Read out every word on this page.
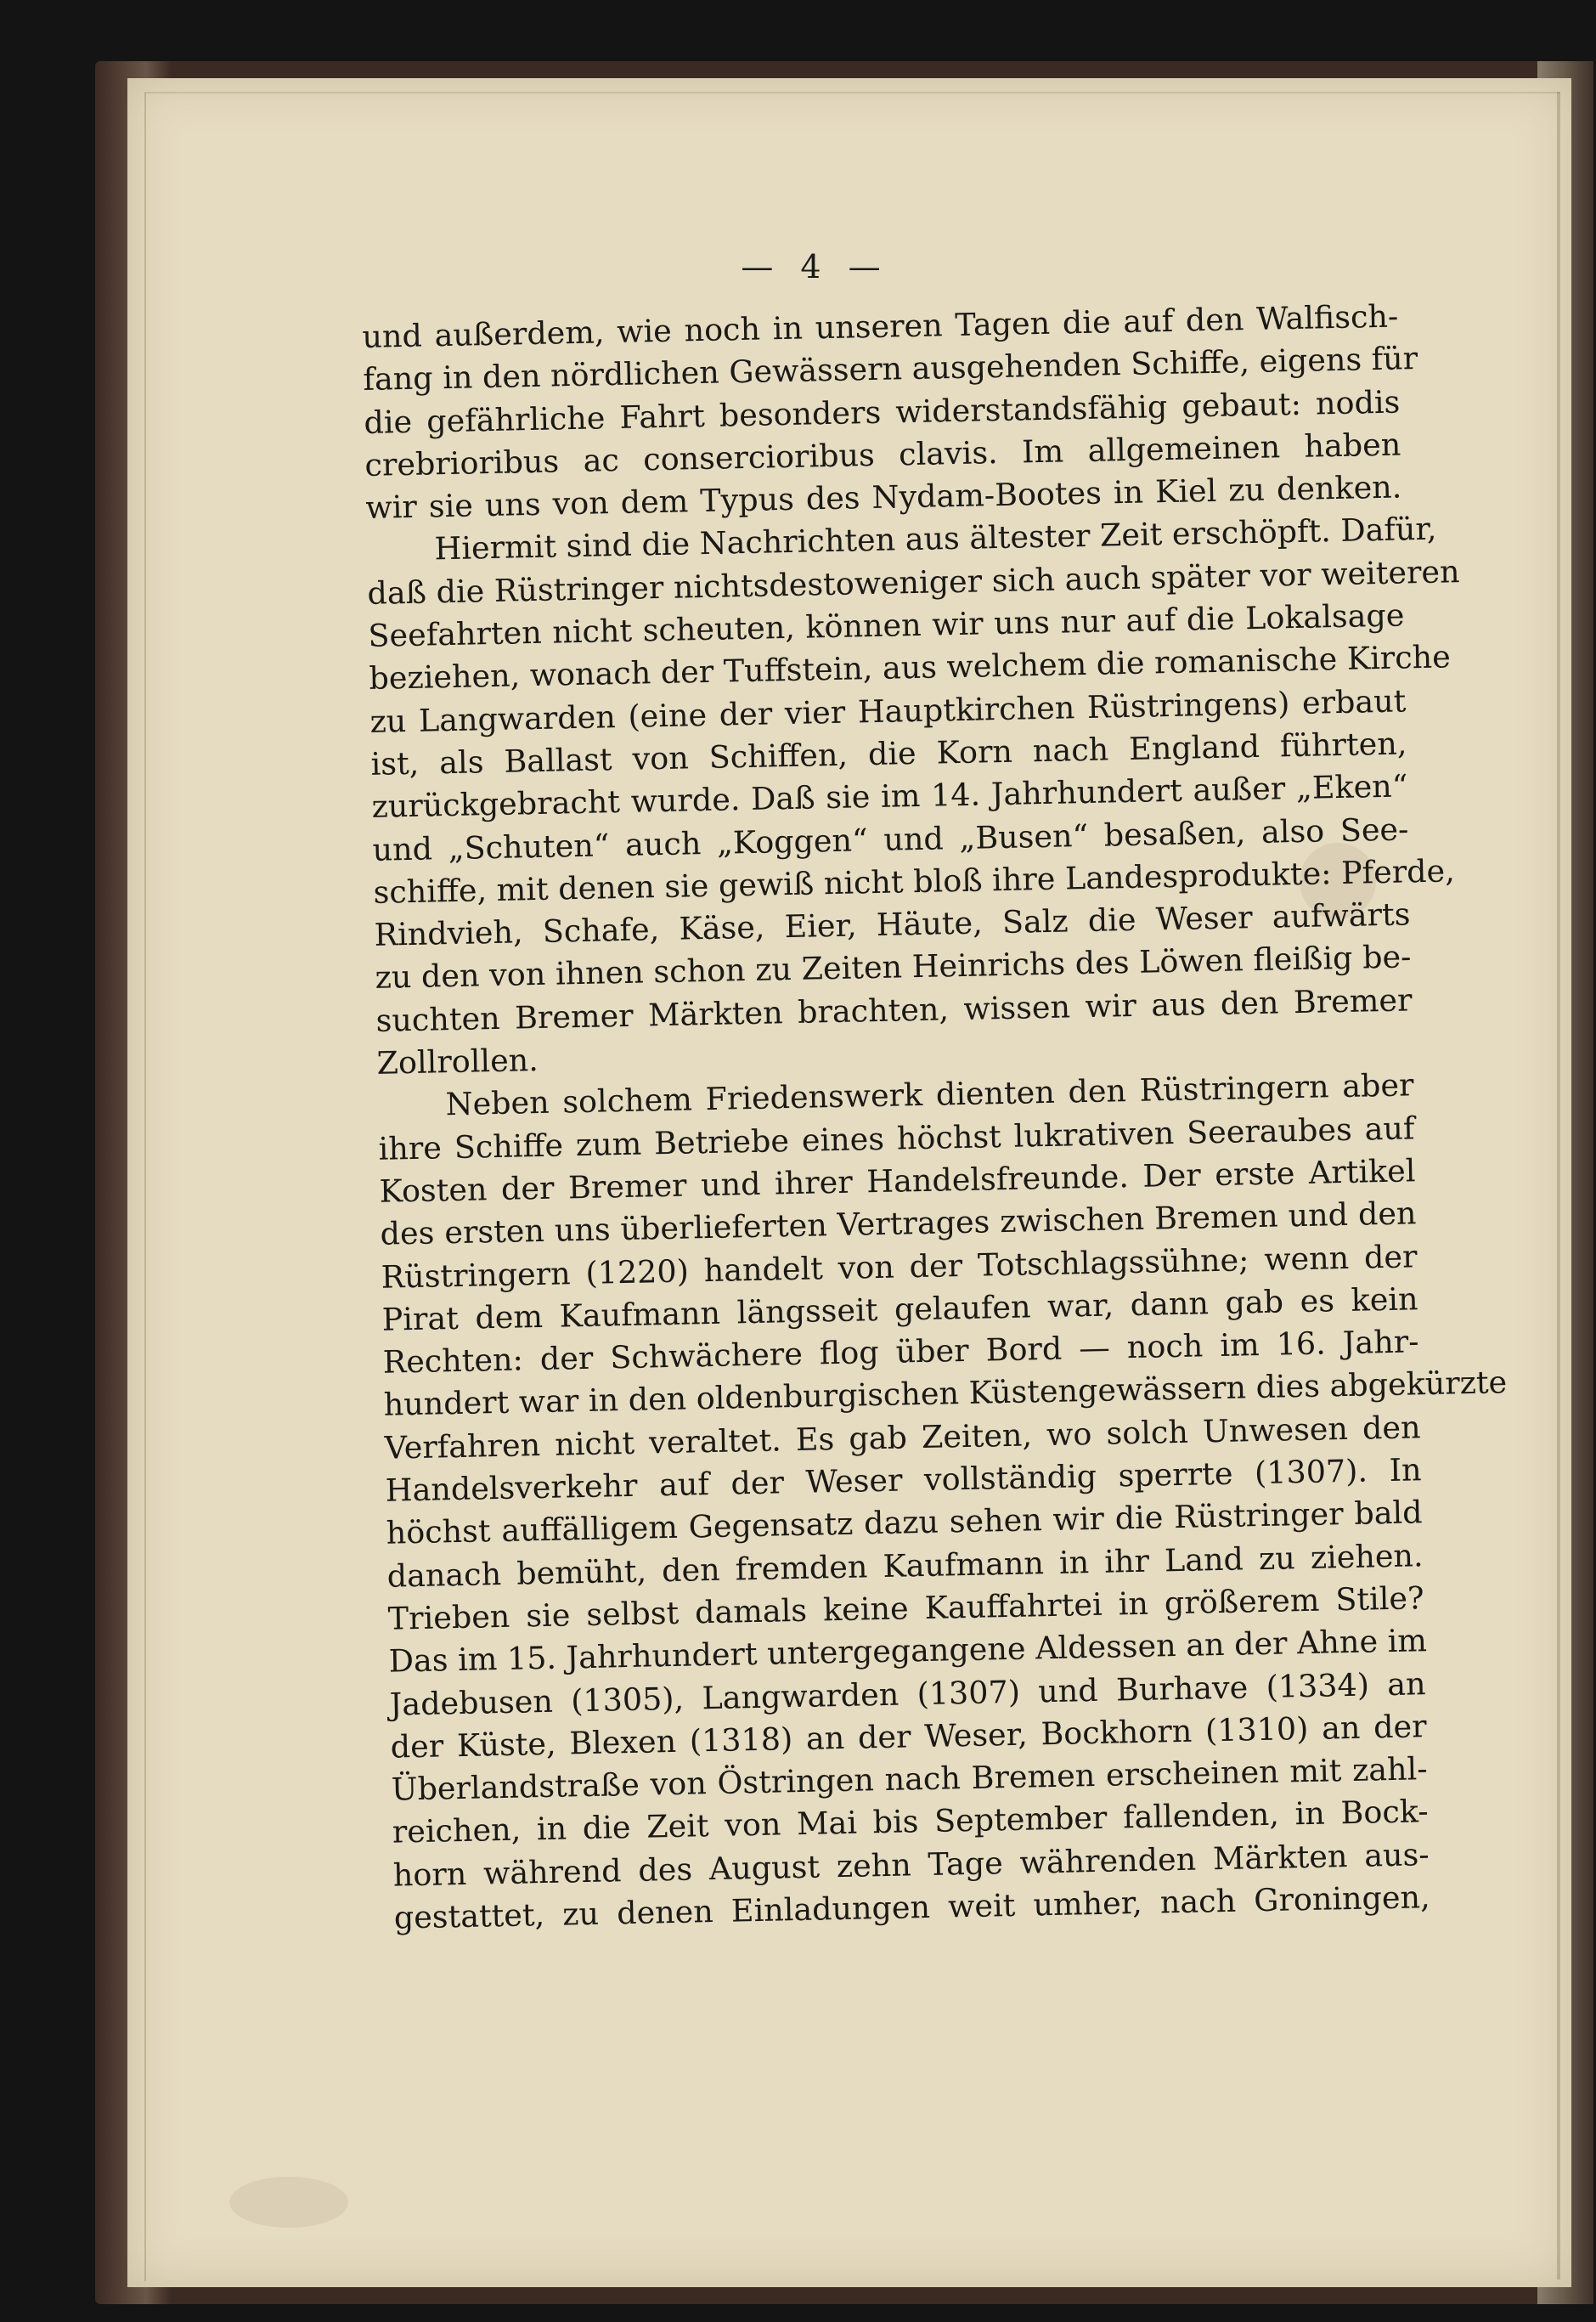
— 4 —
und außerdem, wie noch in unseren Tagen die auf den Walfisch-
fang in den nördlichen Gewässern ausgehenden Schiffe, eigens für
die gefährliche Fahrt besonders widerstandsfähig gebaut: nodis
crebrioribus ac consercioribus clavis. Im allgemeinen haben
wir sie uns von dem Typus des Nydam-Bootes in Kiel zu denken.
Hiermit sind die Nachrichten aus ältester Zeit erschöpft. Dafür,
daß die Rüstringer nichtsdestoweniger sich auch später vor weiteren
Seefahrten nicht scheuten, können wir uns nur auf die Lokalsage
beziehen, wonach der Tuffstein, aus welchem die romanische Kirche
zu Langwarden (eine der vier Hauptkirchen Rüstringens) erbaut
ist, als Ballast von Schiffen, die Korn nach England führten,
zurückgebracht wurde. Daß sie im 14. Jahrhundert außer „Eken“
und „Schuten“ auch „Koggen“ und „Busen“ besaßen, also See-
schiffe, mit denen sie gewiß nicht bloß ihre Landesprodukte: Pferde,
Rindvieh, Schafe, Käse, Eier, Häute, Salz die Weser aufwärts
zu den von ihnen schon zu Zeiten Heinrichs des Löwen fleißig be-
suchten Bremer Märkten brachten, wissen wir aus den Bremer
Zollrollen.
Neben solchem Friedenswerk dienten den Rüstringern aber
ihre Schiffe zum Betriebe eines höchst lukrativen Seeraubes auf
Kosten der Bremer und ihrer Handelsfreunde. Der erste Artikel
des ersten uns überlieferten Vertrages zwischen Bremen und den
Rüstringern (1220) handelt von der Totschlagssühne; wenn der
Pirat dem Kaufmann längsseit gelaufen war, dann gab es kein
Rechten: der Schwächere flog über Bord — noch im 16. Jahr-
hundert war in den oldenburgischen Küstengewässern dies abgekürzte
Verfahren nicht veraltet. Es gab Zeiten, wo solch Unwesen den
Handelsverkehr auf der Weser vollständig sperrte (1307). In
höchst auffälligem Gegensatz dazu sehen wir die Rüstringer bald
danach bemüht, den fremden Kaufmann in ihr Land zu ziehen.
Trieben sie selbst damals keine Kauffahrtei in größerem Stile?
Das im 15. Jahrhundert untergegangene Aldessen an der Ahne im
Jadebusen (1305), Langwarden (1307) und Burhave (1334) an
der Küste, Blexen (1318) an der Weser, Bockhorn (1310) an der
Überlandstraße von Östringen nach Bremen erscheinen mit zahl-
reichen, in die Zeit von Mai bis September fallenden, in Bock-
horn während des August zehn Tage währenden Märkten aus-
gestattet, zu denen Einladungen weit umher, nach Groningen,
